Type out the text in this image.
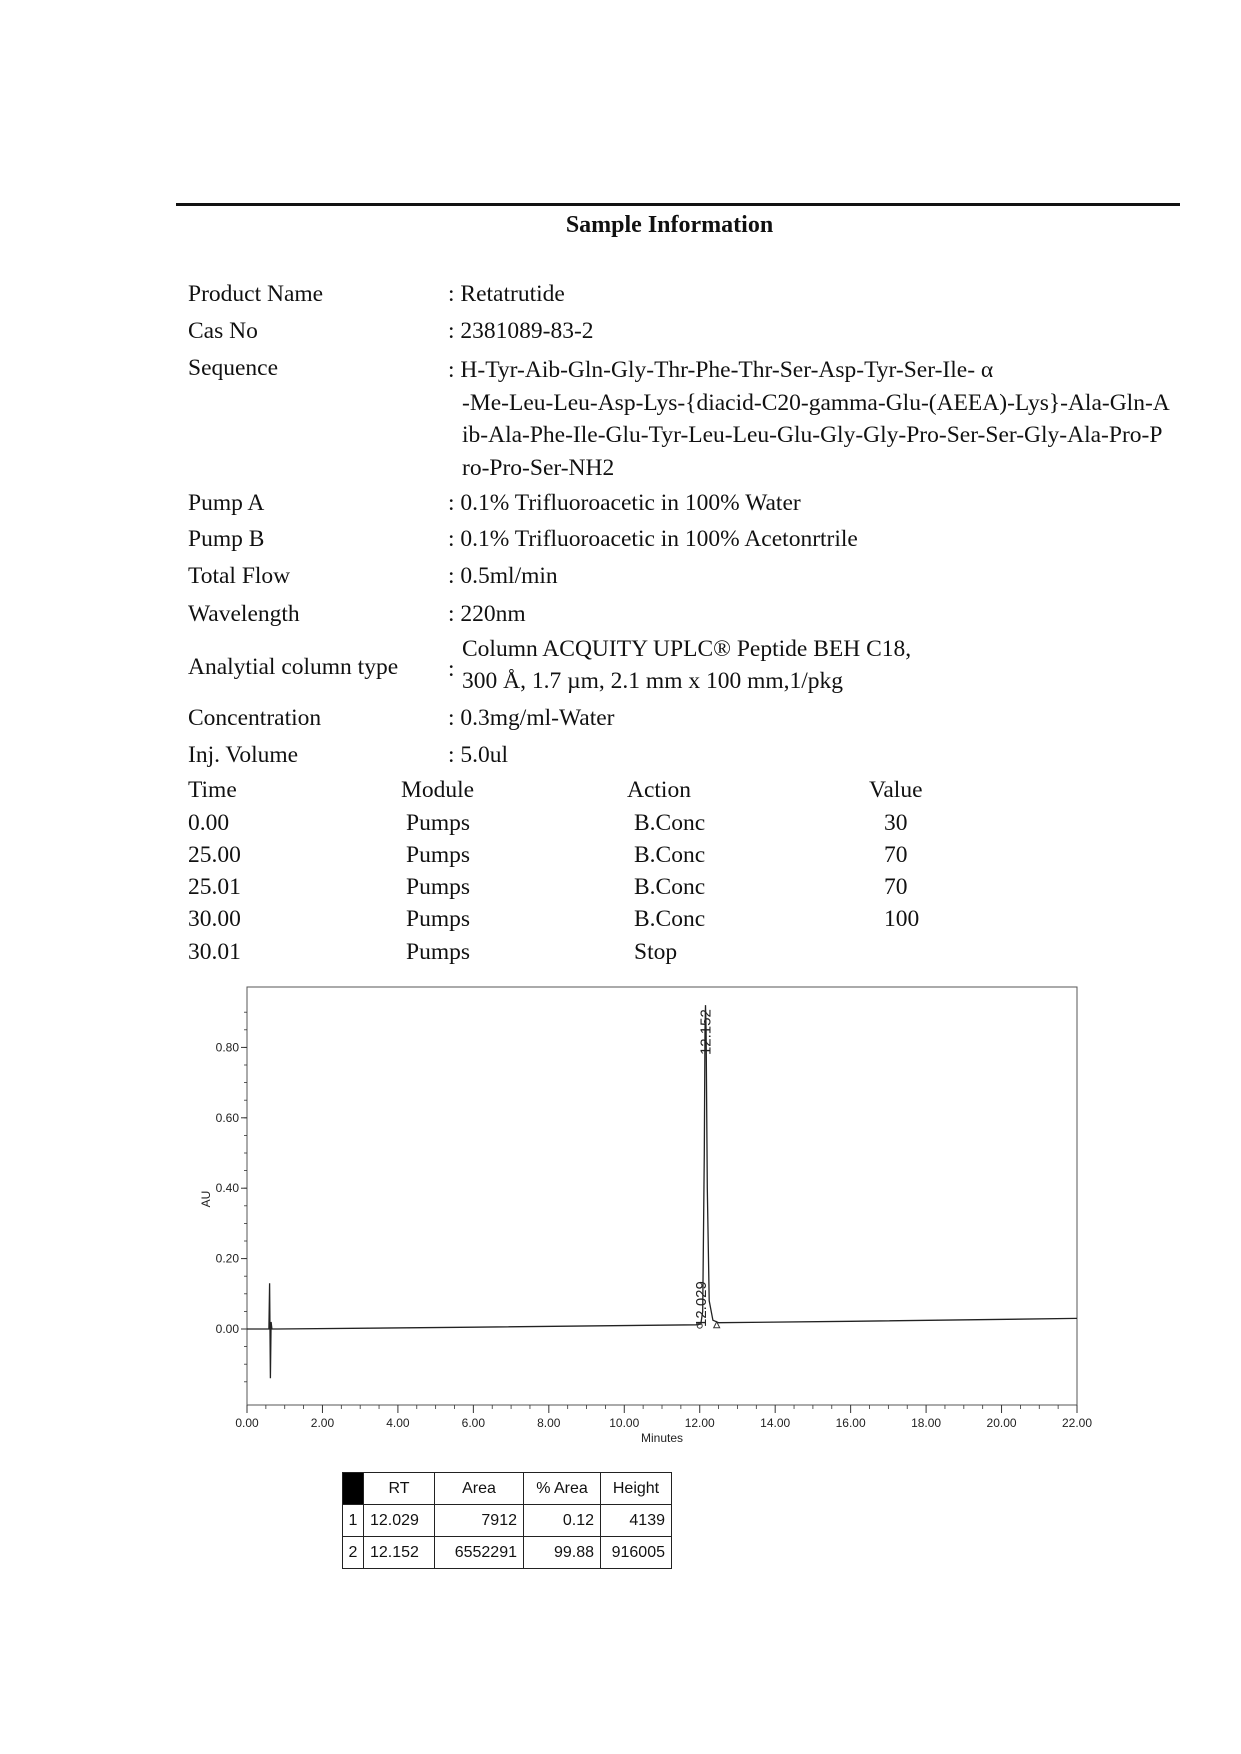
Sample Information
Product Name	: Retatrutide
Cas No	: 2381089-83-2
Sequence	: H-Tyr-Aib-Gln-Gly-Thr-Phe-Thr-Ser-Asp-Tyr-Ser-Ile- α
-Me-Leu-Leu-Asp-Lys-{diacid-C20-gamma-Glu-(AEEA)-Lys}-Ala-Gln-A
ib-Ala-Phe-Ile-Glu-Tyr-Leu-Leu-Glu-Gly-Gly-Pro-Ser-Ser-Gly-Ala-Pro-P
ro-Pro-Ser-NH2
Pump A	: 0.1% Trifluoroacetic in 100% Water
Pump B	: 0.1% Trifluoroacetic in 100% Acetonrtrile
Total Flow	: 0.5ml/min
Wavelength	: 220nm
Analytial column type :
Column ACQUITY UPLC® Peptide BEH C18,
300 Å, 1.7 µm, 2.1 mm x 100 mm,1/pkg
Concentration	: 0.3mg/ml-Water
Inj. Volume	: 5.0ul
Time	Module	Action	Value
0.00	Pumps	B.Conc	30
25.00	Pumps	B.Conc	70
25.01	Pumps	B.Conc	70
30.00	Pumps	B.Conc	100
30.01	Pumps	Stop
0.00
0.20
0.40
0.60
0.80
0.00	2.00	4.00	6.00	8.00	10.00	12.00	14.00	16.00	18.00	20.00	22.00
AU
Minutes
12.029
12.152
	RT	Area	% Area	Height
1	12.029	7912	0.12	4139
2	12.152	6552291	99.88	916005
